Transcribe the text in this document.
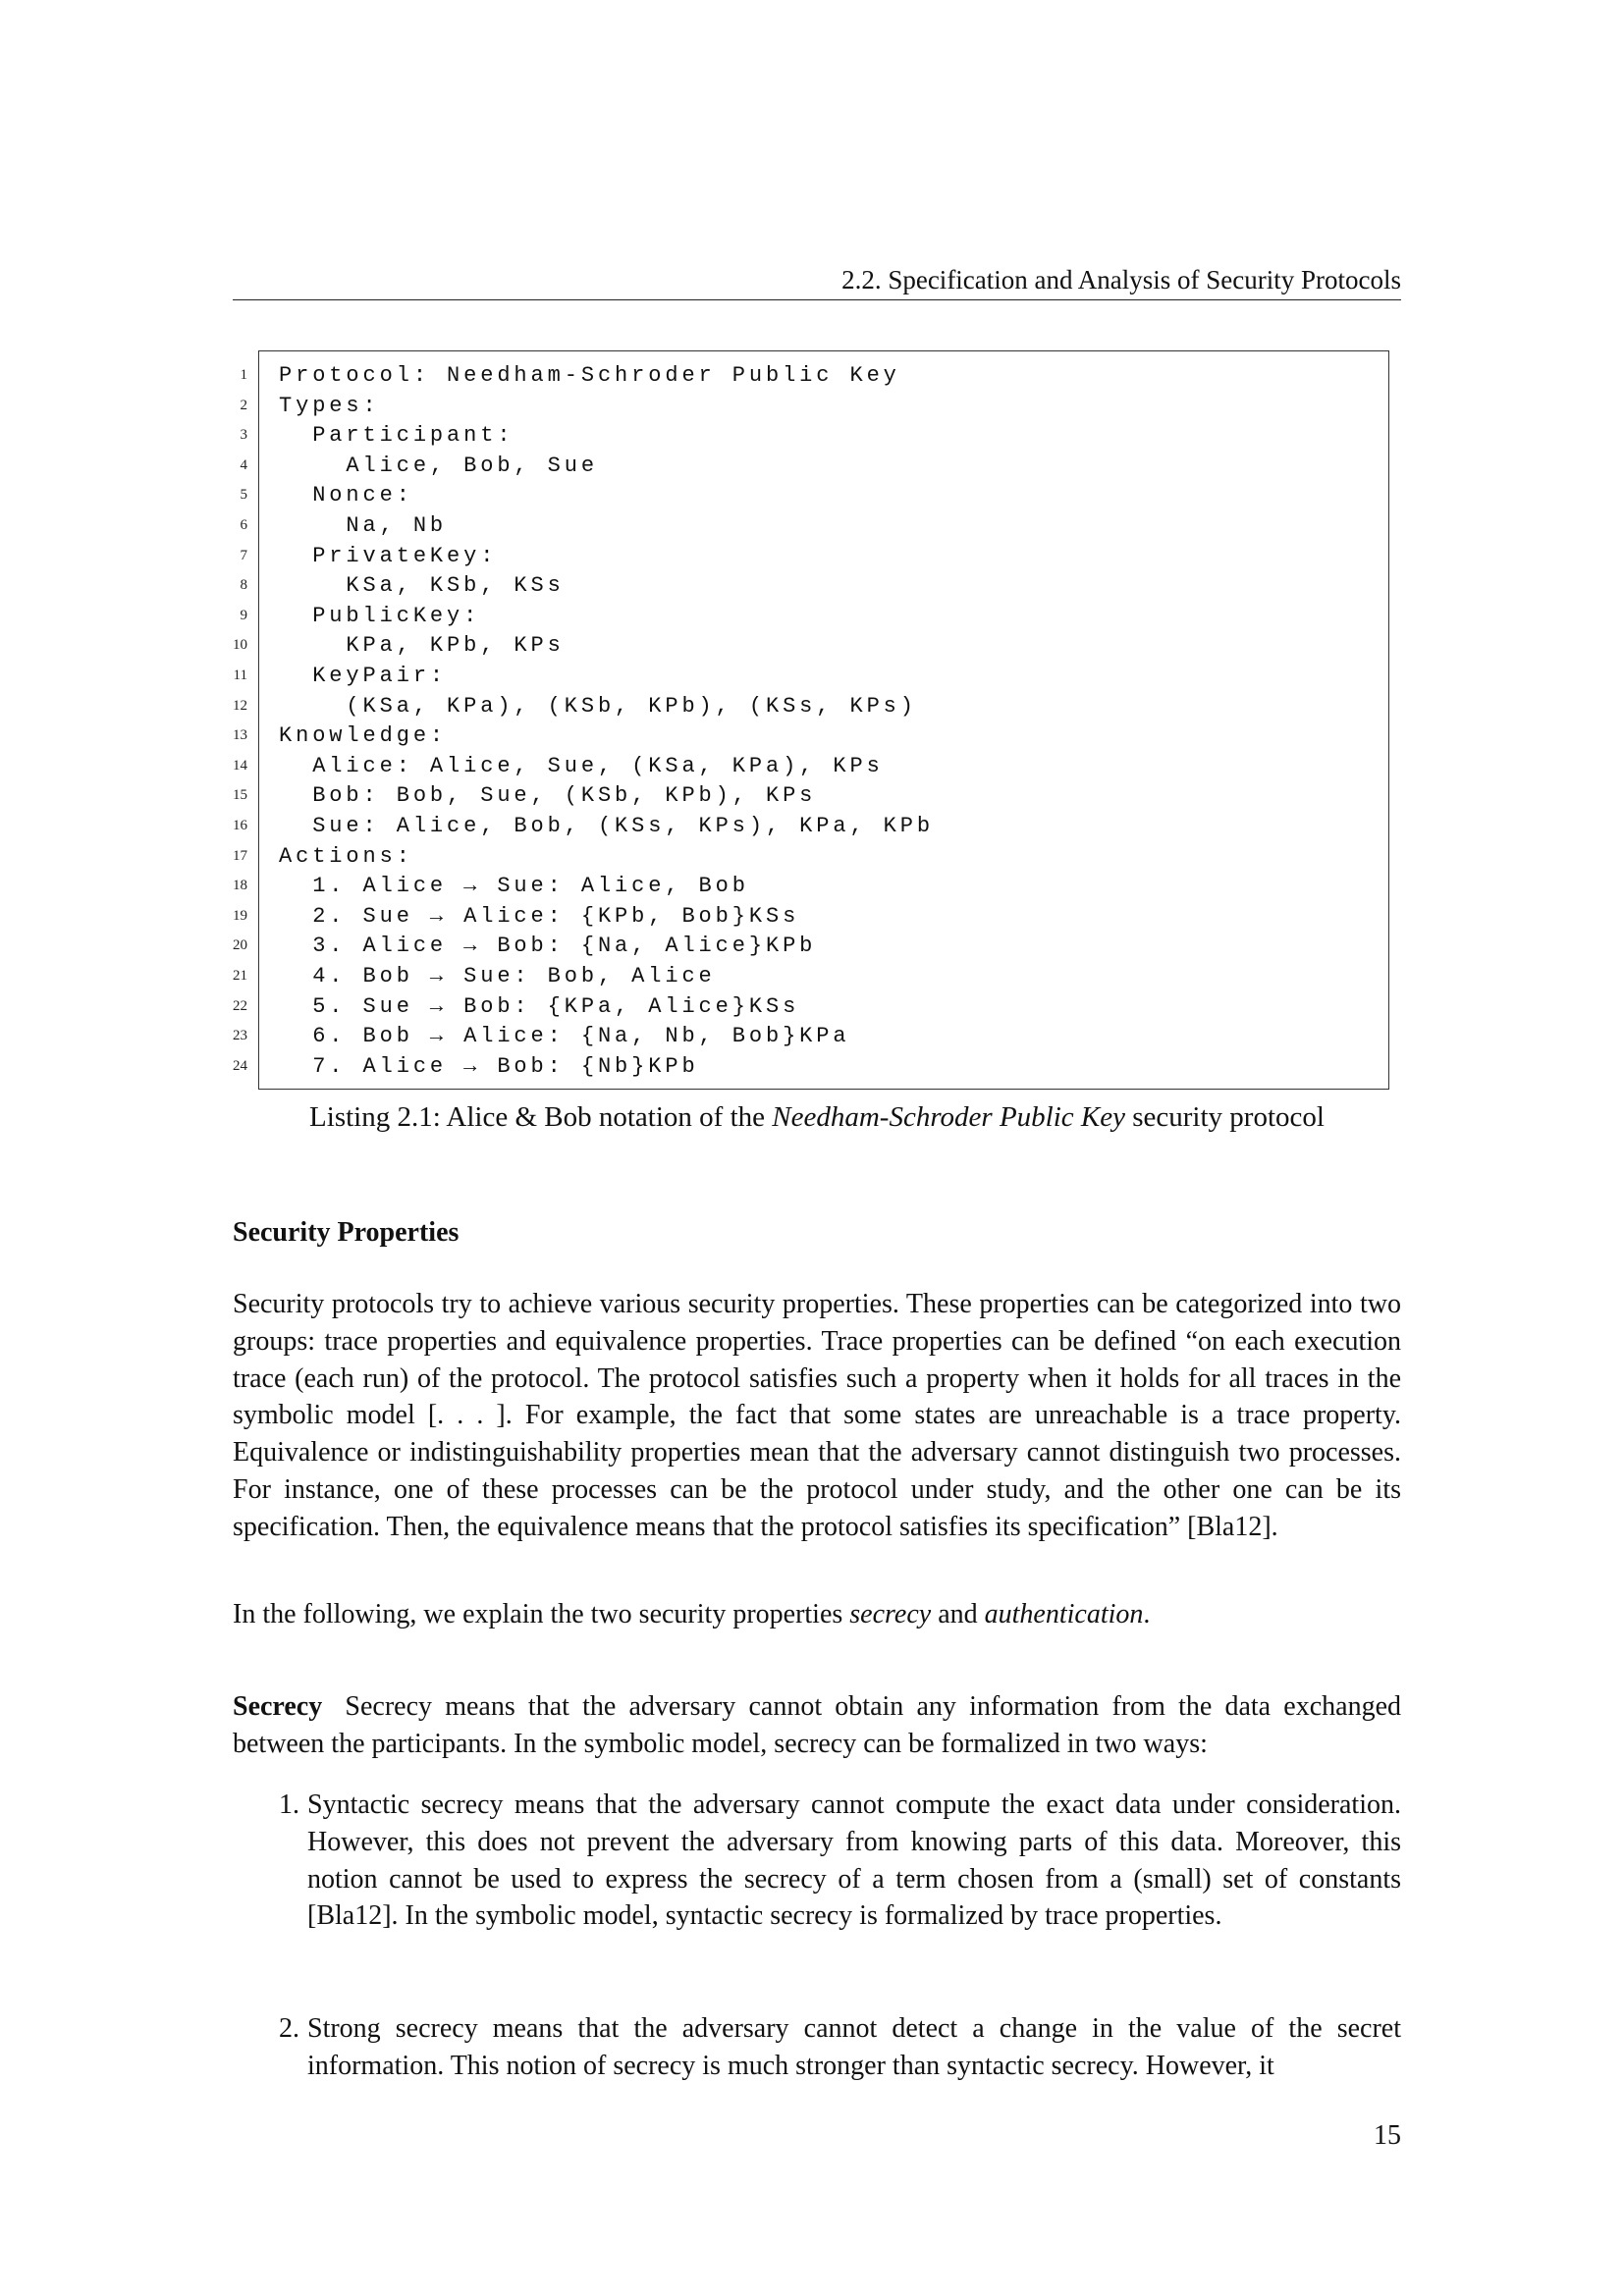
2.2. Specification and Analysis of Security Protocols
1 Protocol: Needham-Schroder Public Key
2 Types:
3 Participant:
4 Alice, Bob, Sue
5 Nonce:
6 Na, Nb
7 PrivateKey:
8 KSa, KSb, KSs
9 PublicKey:
10 KPa, KPb, KPs
11 KeyPair:
12 (KSa, KPa), (KSb, KPb), (KSs, KPs)
13 Knowledge:
14 Alice: Alice, Sue, (KSa, KPa), KPs
15 Bob: Bob, Sue, (KSb, KPb), KPs
16 Sue: Alice, Bob, (KSs, KPs), KPa, KPb
17 Actions:
18 1. Alice → Sue: Alice, Bob
19 2. Sue → Alice: {KPb, Bob}KSs
20 3. Alice → Bob: {Na, Alice}KPb
21 4. Bob → Sue: Bob, Alice
22 5. Sue → Bob: {KPa, Alice}KSs
23 6. Bob → Alice: {Na, Nb, Bob}KPa
24 7. Alice → Bob: {Nb}KPb
Listing 2.1: Alice & Bob notation of the Needham-Schroder Public Key security protocol
Security Properties
Security protocols try to achieve various security properties. These properties can be categorized into two groups: trace properties and equivalence properties. Trace properties can be defined “on each execution trace (each run) of the protocol. The protocol satisfies such a property when it holds for all traces in the symbolic model [. . . ]. For example, the fact that some states are unreachable is a trace property. Equivalence or indistinguishability properties mean that the adversary cannot distinguish two processes. For instance, one of these processes can be the protocol under study, and the other one can be its specification. Then, the equivalence means that the protocol satisfies its specification” [Bla12].
In the following, we explain the two security properties secrecy and authentication.
Secrecy Secrecy means that the adversary cannot obtain any information from the data exchanged between the participants. In the symbolic model, secrecy can be formalized in two ways:
1. Syntactic secrecy means that the adversary cannot compute the exact data under consideration. However, this does not prevent the adversary from knowing parts of this data. Moreover, this notion cannot be used to express the secrecy of a term chosen from a (small) set of constants [Bla12]. In the symbolic model, syntactic secrecy is formalized by trace properties.
2. Strong secrecy means that the adversary cannot detect a change in the value of the secret information. This notion of secrecy is much stronger than syntactic secrecy. However, it
15
